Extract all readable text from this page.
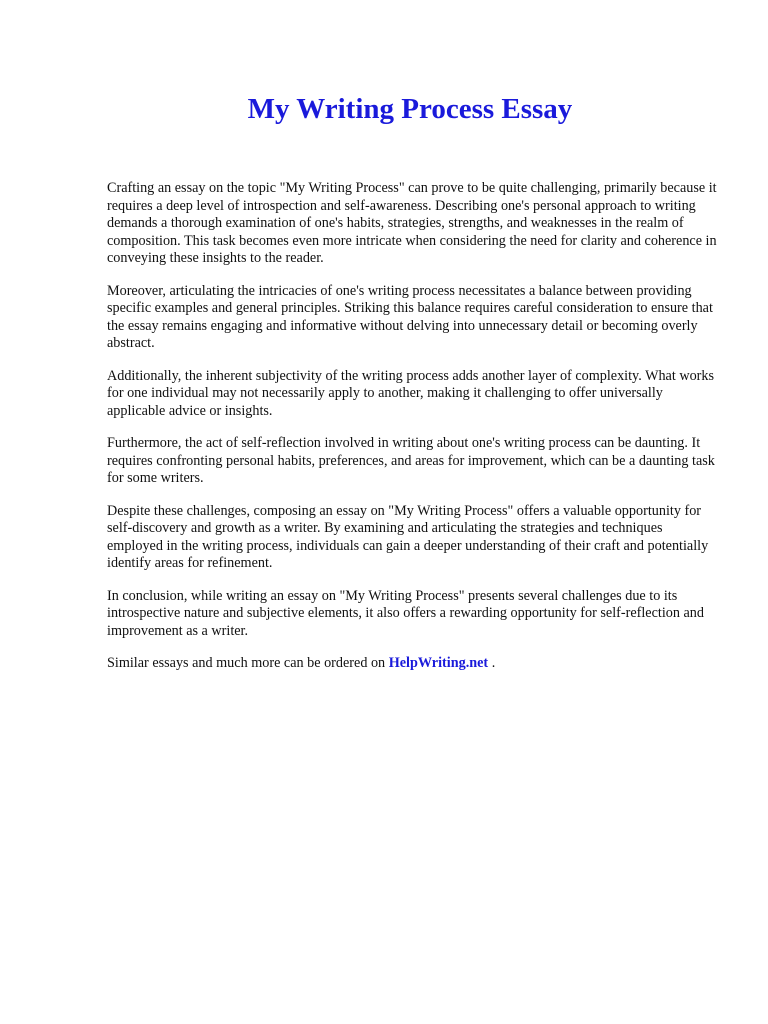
My Writing Process Essay

Crafting an essay on the topic "My Writing Process" can prove to be quite challenging, primarily because it requires a deep level of introspection and self-awareness. Describing one's personal approach to writing demands a thorough examination of one's habits, strategies, strengths, and weaknesses in the realm of composition. This task becomes even more intricate when considering the need for clarity and coherence in conveying these insights to the reader.

Moreover, articulating the intricacies of one's writing process necessitates a balance between providing specific examples and general principles. Striking this balance requires careful consideration to ensure that the essay remains engaging and informative without delving into unnecessary detail or becoming overly abstract.

Additionally, the inherent subjectivity of the writing process adds another layer of complexity. What works for one individual may not necessarily apply to another, making it challenging to offer universally applicable advice or insights.

Furthermore, the act of self-reflection involved in writing about one's writing process can be daunting. It requires confronting personal habits, preferences, and areas for improvement, which can be a daunting task for some writers.

Despite these challenges, composing an essay on "My Writing Process" offers a valuable opportunity for self-discovery and growth as a writer. By examining and articulating the strategies and techniques employed in the writing process, individuals can gain a deeper understanding of their craft and potentially identify areas for refinement.

In conclusion, while writing an essay on "My Writing Process" presents several challenges due to its introspective nature and subjective elements, it also offers a rewarding opportunity for self-reflection and improvement as a writer.

Similar essays and much more can be ordered on HelpWriting.net .
